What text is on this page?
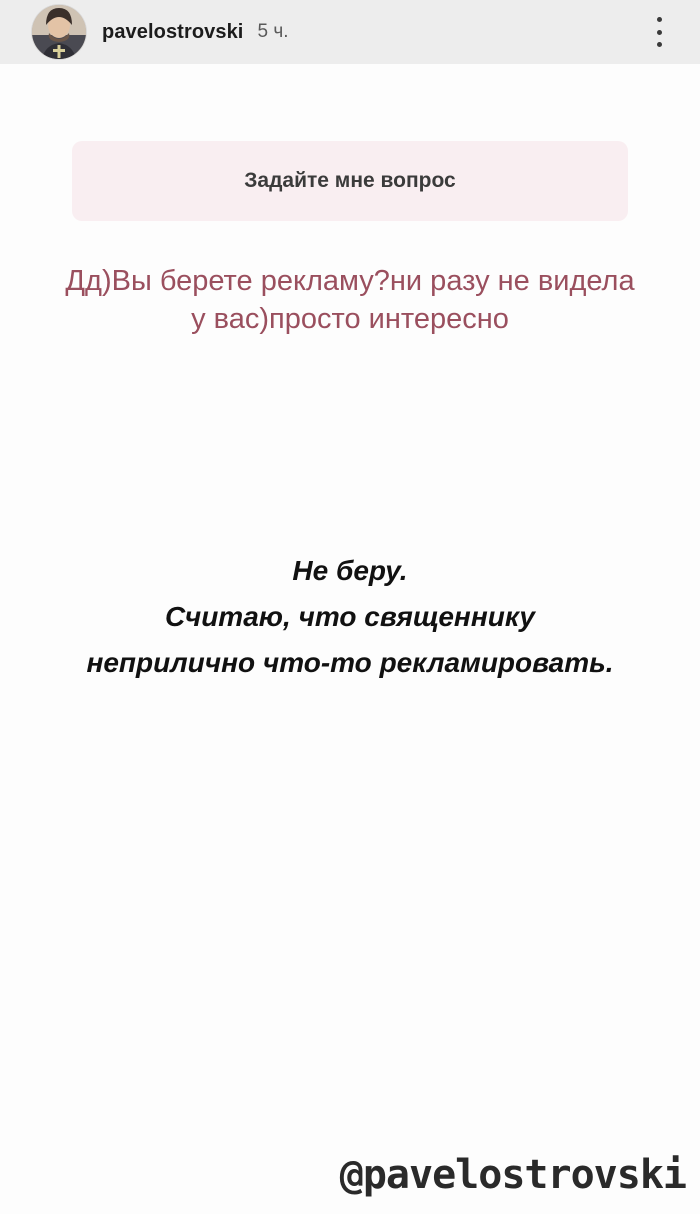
pavelostrovski 5 ч.
Задайте мне вопрос
Дд)Вы берете рекламу?ни разу не видела у вас)просто интересно
Не беру.
Считаю, что священнику
неприлично что-то рекламировать.
@pavelostrovski
